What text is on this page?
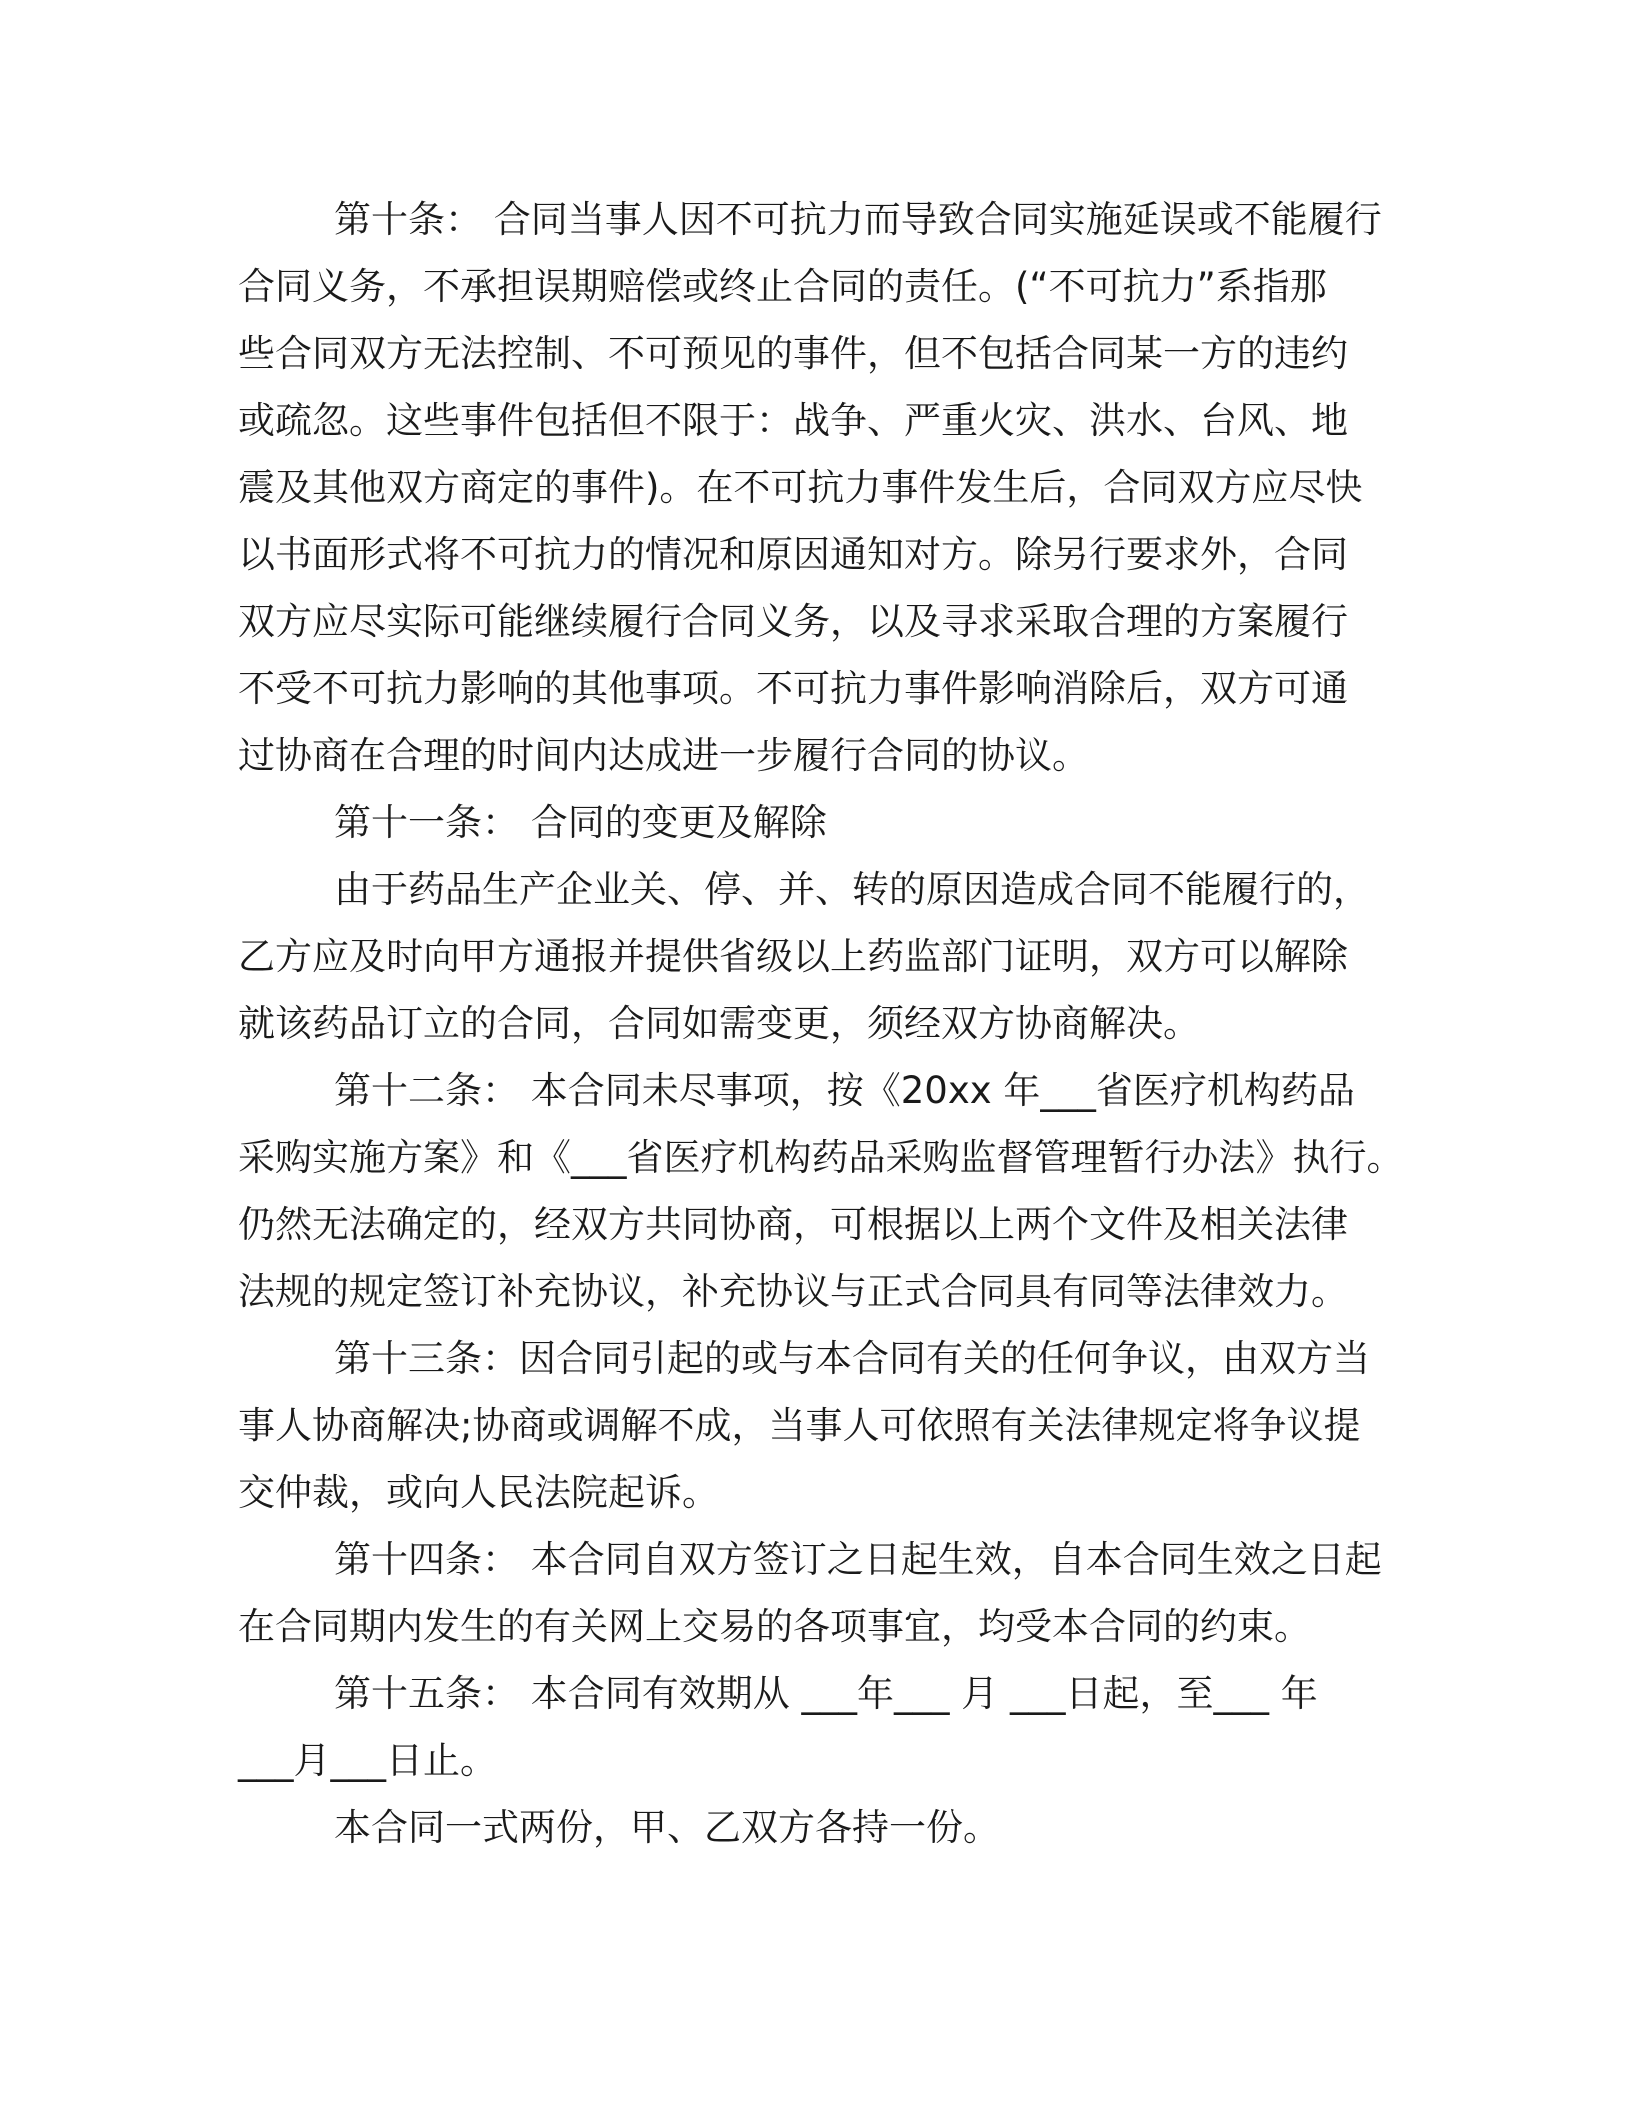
第十条： 合同当事人因不可抗力而导致合同实施延误或不能履行
合同义务，不承担误期赔偿或终止合同的责任。(“不可抗力”系指那
些合同双方无法控制、不可预见的事件，但不包括合同某一方的违约
或疏忽。这些事件包括但不限于：战争、严重火灾、洪水、台风、地
震及其他双方商定的事件)。在不可抗力事件发生后，合同双方应尽快
以书面形式将不可抗力的情况和原因通知对方。除另行要求外，合同
双方应尽实际可能继续履行合同义务，以及寻求采取合理的方案履行
不受不可抗力影响的其他事项。不可抗力事件影响消除后，双方可通
过协商在合理的时间内达成进一步履行合同的协议。
第十一条： 合同的变更及解除
由于药品生产企业关、停、并、转的原因造成合同不能履行的，
乙方应及时向甲方通报并提供省级以上药监部门证明，双方可以解除
就该药品订立的合同，合同如需变更，须经双方协商解决。
第十二条： 本合同未尽事项，按《20xx 年___省医疗机构药品
采购实施方案》和《___省医疗机构药品采购监督管理暂行办法》执行。
仍然无法确定的，经双方共同协商，可根据以上两个文件及相关法律
法规的规定签订补充协议，补充协议与正式合同具有同等法律效力。
第十三条：因合同引起的或与本合同有关的任何争议，由双方当
事人协商解决;协商或调解不成，当事人可依照有关法律规定将争议提
交仲裁，或向人民法院起诉。
第十四条： 本合同自双方签订之日起生效，自本合同生效之日起
在合同期内发生的有关网上交易的各项事宜，均受本合同的约束。
第十五条： 本合同有效期从 ___年___ 月 ___日起，至___ 年
___月___日止。
本合同一式两份，甲、乙双方各持一份。
